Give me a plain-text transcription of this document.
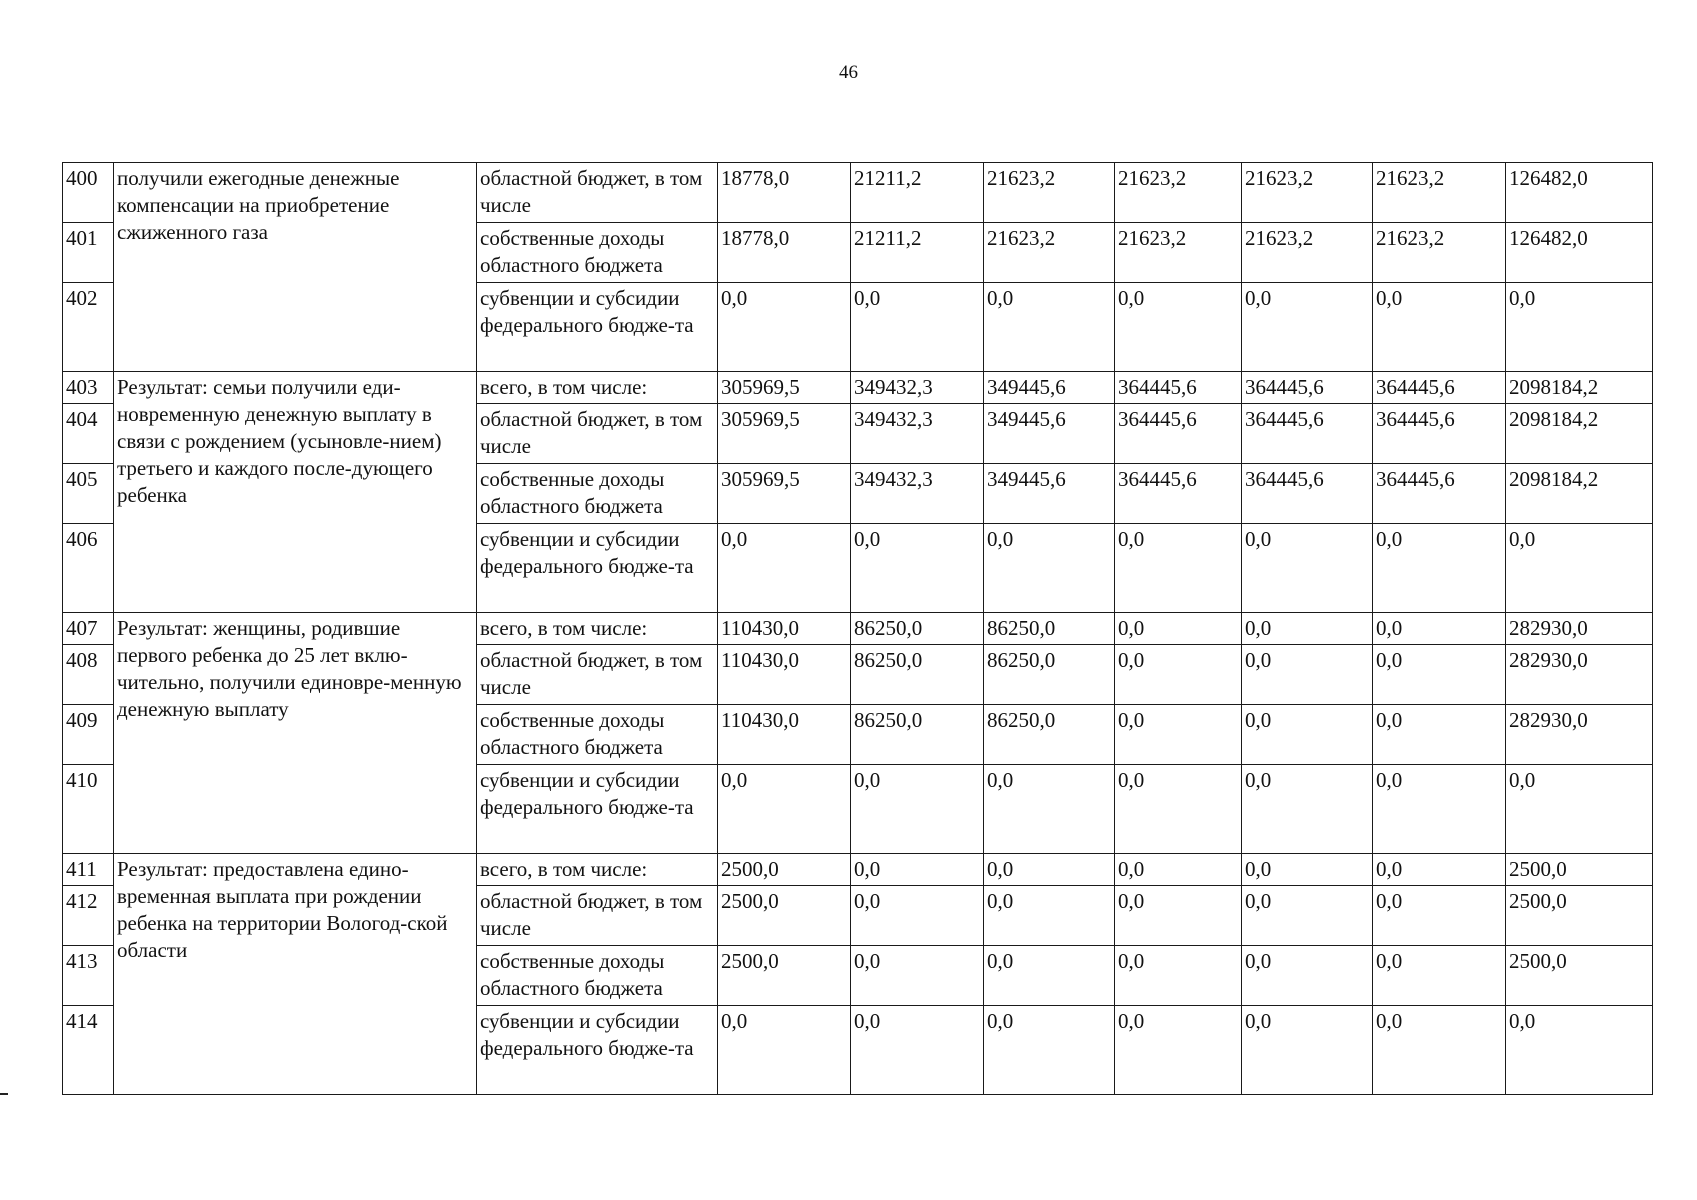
46
400	получили ежегодные денежные компенсации на приобретение сжиженного газа	областной бюджет, в том числе	18778,0	21211,2	21623,2	21623,2	21623,2	21623,2	126482,0
401		собственные доходы областного бюджета	18778,0	21211,2	21623,2	21623,2	21623,2	21623,2	126482,0
402		субвенции и субсидии федерального бюдже-та	0,0	0,0	0,0	0,0	0,0	0,0	0,0
403	Результат: семьи получили еди-новременную денежную выплату в связи с рождением (усыновле-нием) третьего и каждого после-дующего ребенка	всего, в том числе:	305969,5	349432,3	349445,6	364445,6	364445,6	364445,6	2098184,2
404		областной бюджет, в том числе	305969,5	349432,3	349445,6	364445,6	364445,6	364445,6	2098184,2
405		собственные доходы областного бюджета	305969,5	349432,3	349445,6	364445,6	364445,6	364445,6	2098184,2
406		субвенции и субсидии федерального бюдже-та	0,0	0,0	0,0	0,0	0,0	0,0	0,0
407	Результат: женщины, родившие первого ребенка до 25 лет вклю-чительно, получили единовре-менную денежную выплату	всего, в том числе:	110430,0	86250,0	86250,0	0,0	0,0	0,0	282930,0
408		областной бюджет, в том числе	110430,0	86250,0	86250,0	0,0	0,0	0,0	282930,0
409		собственные доходы областного бюджета	110430,0	86250,0	86250,0	0,0	0,0	0,0	282930,0
410		субвенции и субсидии федерального бюдже-та	0,0	0,0	0,0	0,0	0,0	0,0	0,0
411	Результат: предоставлена едино-временная выплата при рождении ребенка на территории Вологод-ской области	всего, в том числе:	2500,0	0,0	0,0	0,0	0,0	0,0	2500,0
412		областной бюджет, в том числе	2500,0	0,0	0,0	0,0	0,0	0,0	2500,0
413		собственные доходы областного бюджета	2500,0	0,0	0,0	0,0	0,0	0,0	2500,0
414		субвенции и субсидии федерального бюдже-та	0,0	0,0	0,0	0,0	0,0	0,0	0,0
